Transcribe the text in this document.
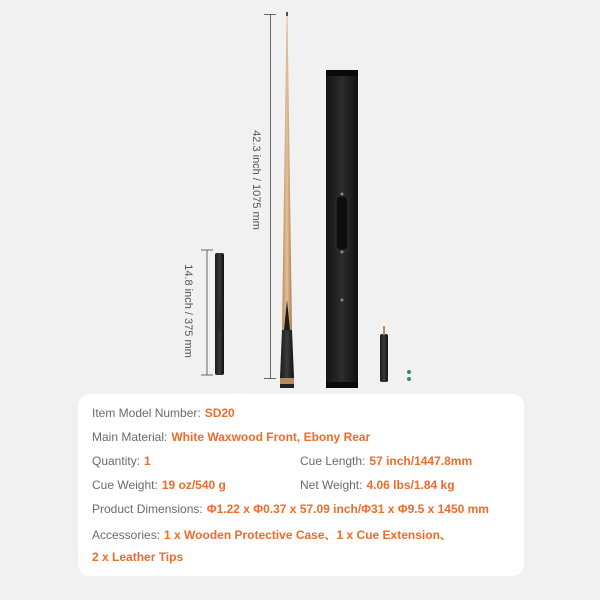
42.3 inch / 1075 mm
14.8 inch / 375 mm
Item Model Number: SD20
Main Material: White Waxwood Front, Ebony Rear
Quantity: 1	Cue Length: 57 inch/1447.8mm
Cue Weight: 19 oz/540 g	Net Weight: 4.06 lbs/1.84 kg
Product Dimensions: Φ1.22 x Φ0.37 x 57.09 inch/Φ31 x Φ9.5 x 1450 mm
Accessories: 1 x Wooden Protective Case、1 x Cue Extension、
2 x Leather Tips
